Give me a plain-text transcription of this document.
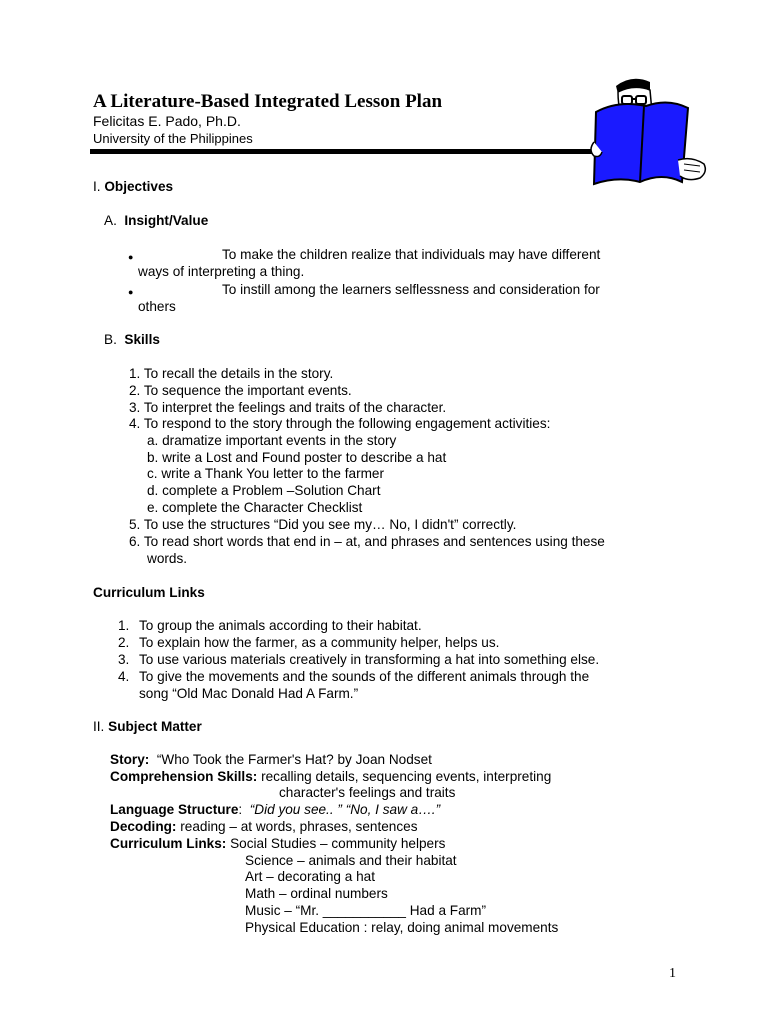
A Literature-Based Integrated Lesson Plan
Felicitas E. Pado, Ph.D.
University of the Philippines
I. Objectives
A. Insight/Value
●	To make the children realize that individuals may have different
ways of interpreting a thing.
●	To instill among the learners selflessness and consideration for
others
B. Skills
1. To recall the details in the story.
2. To sequence the important events.
3. To interpret the feelings and traits of the character.
4. To respond to the story through the following engagement activities:
a. dramatize important events in the story
b. write a Lost and Found poster to describe a hat
c. write a Thank You letter to the farmer
d. complete a Problem –Solution Chart
e. complete the Character Checklist
5. To use the structures “Did you see my… No, I didn't” correctly.
6. To read short words that end in – at, and phrases and sentences using these
words.
Curriculum Links
1. To group the animals according to their habitat.
2. To explain how the farmer, as a community helper, helps us.
3. To use various materials creatively in transforming a hat into something else.
4. To give the movements and the sounds of the different animals through the
song “Old Mac Donald Had A Farm.”
II. Subject Matter
Story: “Who Took the Farmer's Hat? by Joan Nodset
Comprehension Skills: recalling details, sequencing events, interpreting
character's feelings and traits
Language Structure: “Did you see.. ” “No, I saw a….”
Decoding: reading – at words, phrases, sentences
Curriculum Links: Social Studies – community helpers
Science – animals and their habitat
Art – decorating a hat
Math – ordinal numbers
Music – “Mr. ___________ Had a Farm”
Physical Education : relay, doing animal movements
1
